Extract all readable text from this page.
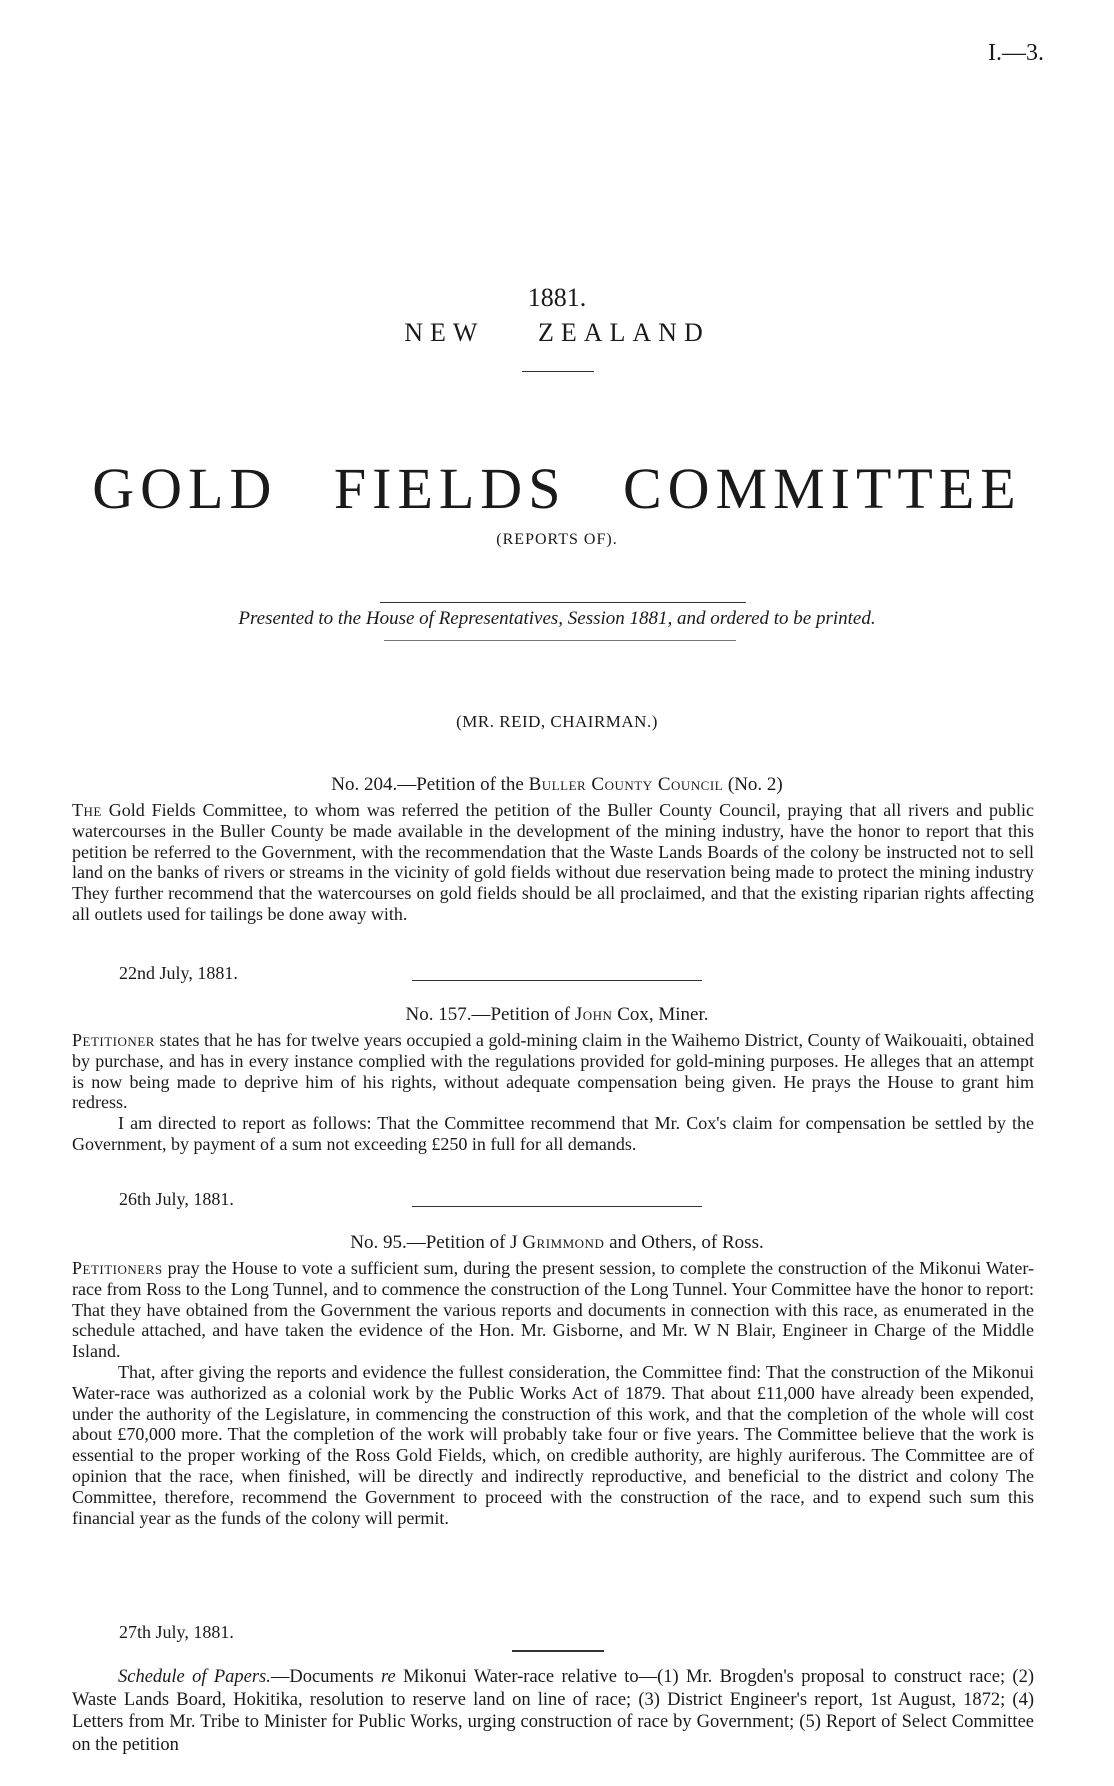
I.—3.
1881.
NEW ZEALAND
GOLD FIELDS COMMITTEE
(REPORTS OF).
Presented to the House of Representatives, Session 1881, and ordered to be printed.
(MR. REID, CHAIRMAN.)
No. 204.—Petition of the Buller County Council (No. 2)

The Gold Fields Committee, to whom was referred the petition of the Buller County Council, praying that all rivers and public watercourses in the Buller County be made available in the development of the mining industry, have the honor to report that this petition be referred to the Government, with the recommendation that the Waste Lands Boards of the colony be instructed not to sell land on the banks of rivers or streams in the vicinity of gold fields without due reservation being made to protect the mining industry They further recommend that the watercourses on gold fields should be all proclaimed, and that the existing riparian rights affecting all outlets used for tailings be done away with.

22nd July, 1881.
No. 157.—Petition of John Cox, Miner.

Petitioner states that he has for twelve years occupied a gold-mining claim in the Waihemo District, County of Waikouaiti, obtained by purchase, and has in every instance complied with the regulations provided for gold-mining purposes. He alleges that an attempt is now being made to deprive him of his rights, without adequate compensation being given. He prays the House to grant him redress.

I am directed to report as follows: That the Committee recommend that Mr. Cox's claim for compensation be settled by the Government, by payment of a sum not exceeding £250 in full for all demands.

26th July, 1881.
No. 95.—Petition of J Grimmond and Others, of Ross.

Petitioners pray the House to vote a sufficient sum, during the present session, to complete the construction of the Mikonui Water-race from Ross to the Long Tunnel, and to commence the construction of the Long Tunnel. Your Committee have the honor to report: That they have obtained from the Government the various reports and documents in connection with this race, as enumerated in the schedule attached, and have taken the evidence of the Hon. Mr. Gisborne, and Mr. W N Blair, Engineer in Charge of the Middle Island.

That, after giving the reports and evidence the fullest consideration, the Committee find: That the construction of the Mikonui Water-race was authorized as a colonial work by the Public Works Act of 1879. That about £11,000 have already been expended, under the authority of the Legislature, in commencing the construction of this work, and that the completion of the whole will cost about £70,000 more. That the completion of the work will probably take four or five years. The Committee believe that the work is essential to the proper working of the Ross Gold Fields, which, on credible authority, are highly auriferous. The Committee are of opinion that the race, when finished, will be directly and indirectly reproductive, and beneficial to the district and colony The Committee, therefore, recommend the Government to proceed with the construction of the race, and to expend such sum this financial year as the funds of the colony will permit.

27th July, 1881.
Schedule of Papers.—Documents re Mikonui Water-race relative to—(1) Mr. Brogden's proposal to construct race; (2) Waste Lands Board, Hokitika, resolution to reserve land on line of race; (3) District Engineer's report, 1st August, 1872; (4) Letters from Mr. Tribe to Minister for Public Works, urging construction of race by Government; (5) Report of Select Committee on the petition
